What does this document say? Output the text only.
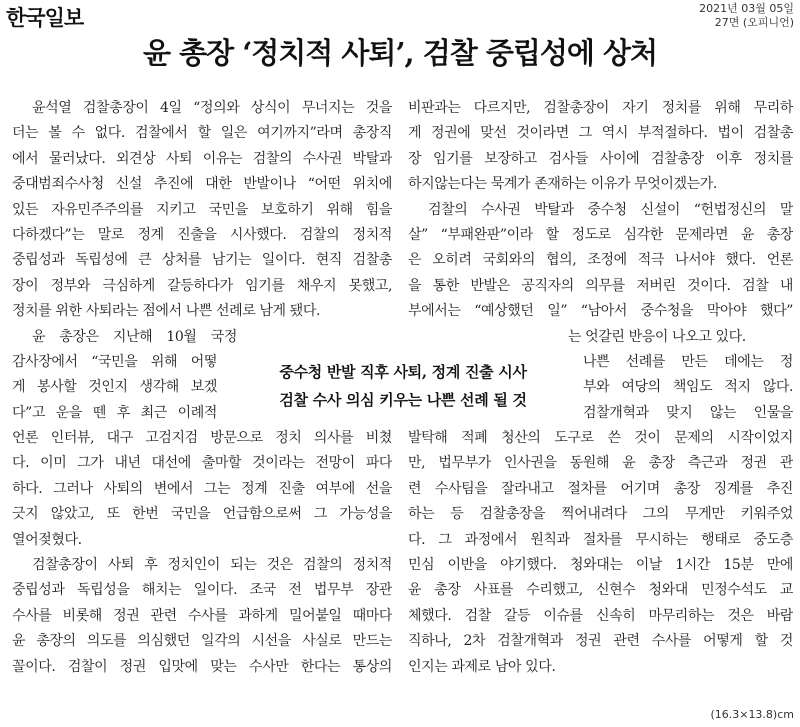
한국일보	2021년 03월 05일
27면 (오피니언)
윤 총장 ‘정치적 사퇴’, 검찰 중립성에 상처
윤석열 검찰총장이 4일 “정의와 상식이 무너지는 것을
더는 볼 수 없다. 검찰에서 할 일은 여기까지”라며 총장직
에서 물러났다. 외견상 사퇴 이유는 검찰의 수사권 박탈과
중대범죄수사청 신설 추진에 대한 반발이나 “어떤 위치에
있든 자유민주주의를 지키고 국민을 보호하기 위해 힘을
다하겠다”는 말로 정계 진출을 시사했다. 검찰의 정치적
중립성과 독립성에 큰 상처를 남기는 일이다. 현직 검찰총
장이 정부와 극심하게 갈등하다가 임기를 채우지 못했고,
정치를 위한 사퇴라는 점에서 나쁜 선례로 남게 됐다.
윤 총장은 지난해 10월 국정
감사장에서 “국민을 위해 어떻
게 봉사할 것인지 생각해 보겠
다”고 운을 뗀 후 최근 이례적
언론 인터뷰, 대구 고검지검 방문으로 정치 의사를 비쳤
다. 이미 그가 내년 대선에 출마할 것이라는 전망이 파다
하다. 그러나 사퇴의 변에서 그는 정계 진출 여부에 선을
긋지 않았고, 또 한번 국민을 언급함으로써 그 가능성을
열어젖혔다.
검찰총장이 사퇴 후 정치인이 되는 것은 검찰의 정치적
중립성과 독립성을 해치는 일이다. 조국 전 법무부 장관
수사를 비롯해 정권 관련 수사를 과하게 밀어붙일 때마다
윤 총장의 의도를 의심했던 일각의 시선을 사실로 만드는
꼴이다. 검찰이 정권 입맛에 맞는 수사만 한다는 통상의
비판과는 다르지만, 검찰총장이 자기 정치를 위해 무리하
게 정권에 맞선 것이라면 그 역시 부적절하다. 법이 검찰총
장 임기를 보장하고 검사들 사이에 검찰총장 이후 정치를
하지않는다는 묵계가 존재하는 이유가 무엇이겠는가.
검찰의 수사권 박탈과 중수청 신설이 “헌법정신의 말
살” “부패완판”이라 할 정도로 심각한 문제라면 윤 총장
은 오히려 국회와의 협의, 조정에 적극 나서야 했다. 언론
을 통한 반발은 공직자의 의무를 저버린 것이다. 검찰 내
부에서는 “예상했던 일” “남아서 중수청을 막아야 했다”
는 엇갈린 반응이 나오고 있다.
나쁜 선례를 만든 데에는 정
부와 여당의 책임도 적지 않다.
검찰개혁과 맞지 않는 인물을
발탁해 적폐 청산의 도구로 쓴 것이 문제의 시작이었지
만, 법무부가 인사권을 동원해 윤 총장 측근과 정권 관
련 수사팀을 잘라내고 절차를 어기며 총장 징계를 추진
하는 등 검찰총장을 찍어내려다 그의 무게만 키워주었
다. 그 과정에서 원칙과 절차를 무시하는 행태로 중도층
민심 이반을 야기했다. 청와대는 이날 1시간 15분 만에
윤 총장 사표를 수리했고, 신현수 청와대 민정수석도 교
체했다. 검찰 갈등 이슈를 신속히 마무리하는 것은 바람
직하나, 2차 검찰개혁과 정권 관련 수사를 어떻게 할 것
인지는 과제로 남아 있다.
중수청 반발 직후 사퇴, 정계 진출 시사
검찰 수사 의심 키우는 나쁜 선례 될 것
(16.3×13.8)cm
